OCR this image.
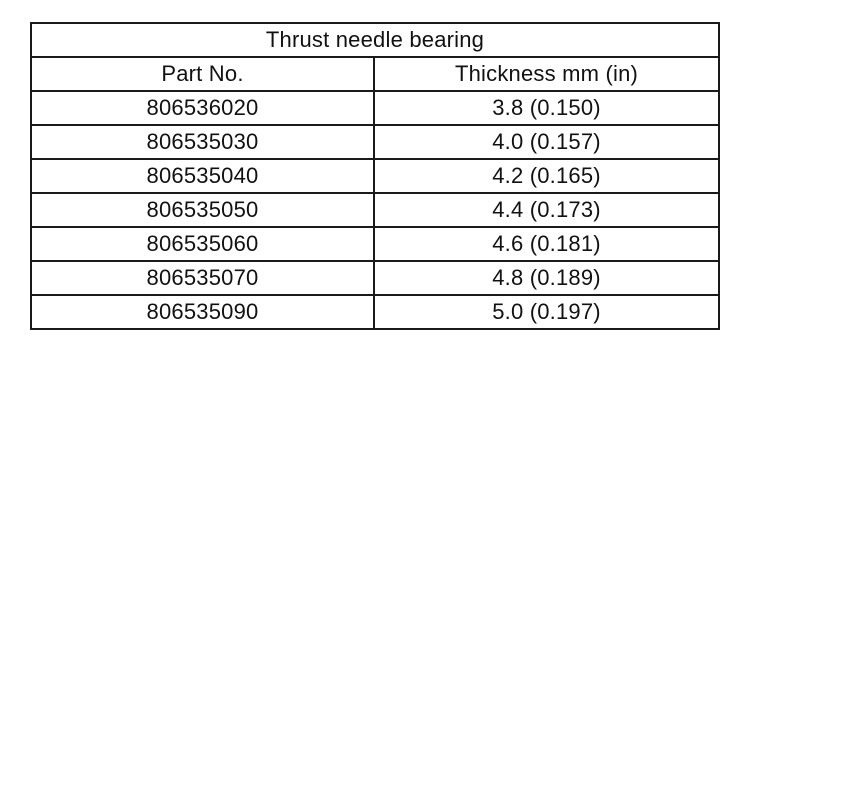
Thrust needle bearing	
Part No.	Thickness mm (in)
806536020	3.8 (0.150)
806535030	4.0 (0.157)
806535040	4.2 (0.165)
806535050	4.4 (0.173)
806535060	4.6 (0.181)
806535070	4.8 (0.189)
806535090	5.0 (0.197)
